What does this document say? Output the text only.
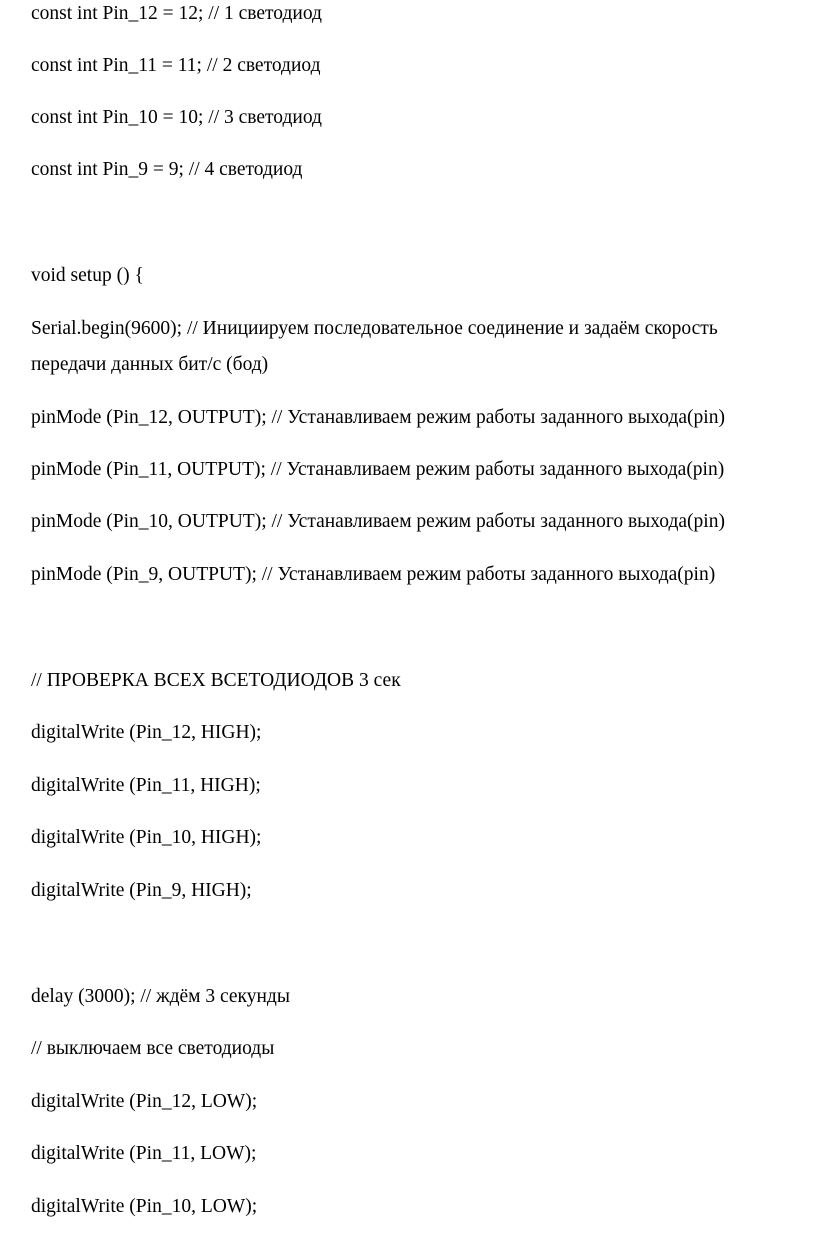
const int Pin_12 = 12; // 1 светодиод
const int Pin_11 = 11; // 2 светодиод
const int Pin_10 = 10; // 3 светодиод
const int Pin_9 = 9; // 4 светодиод
void setup () {
Serial.begin(9600); // Инициируем последовательное соединение и задаём скорость
передачи данных бит/с (бод)
pinMode (Pin_12, OUTPUT); // Устанавливаем режим работы заданного выхода(pin)
pinMode (Pin_11, OUTPUT); // Устанавливаем режим работы заданного выхода(pin)
pinMode (Pin_10, OUTPUT); // Устанавливаем режим работы заданного выхода(pin)
pinMode (Pin_9, OUTPUT); // Устанавливаем режим работы заданного выхода(pin)
// ПРОВЕРКА ВСЕХ ВСЕТОДИОДОВ 3 сек
digitalWrite (Pin_12, HIGH);
digitalWrite (Pin_11, HIGH);
digitalWrite (Pin_10, HIGH);
digitalWrite (Pin_9, HIGH);
delay (3000); // ждём 3 секунды
// выключаем все светодиоды
digitalWrite (Pin_12, LOW);
digitalWrite (Pin_11, LOW);
digitalWrite (Pin_10, LOW);
